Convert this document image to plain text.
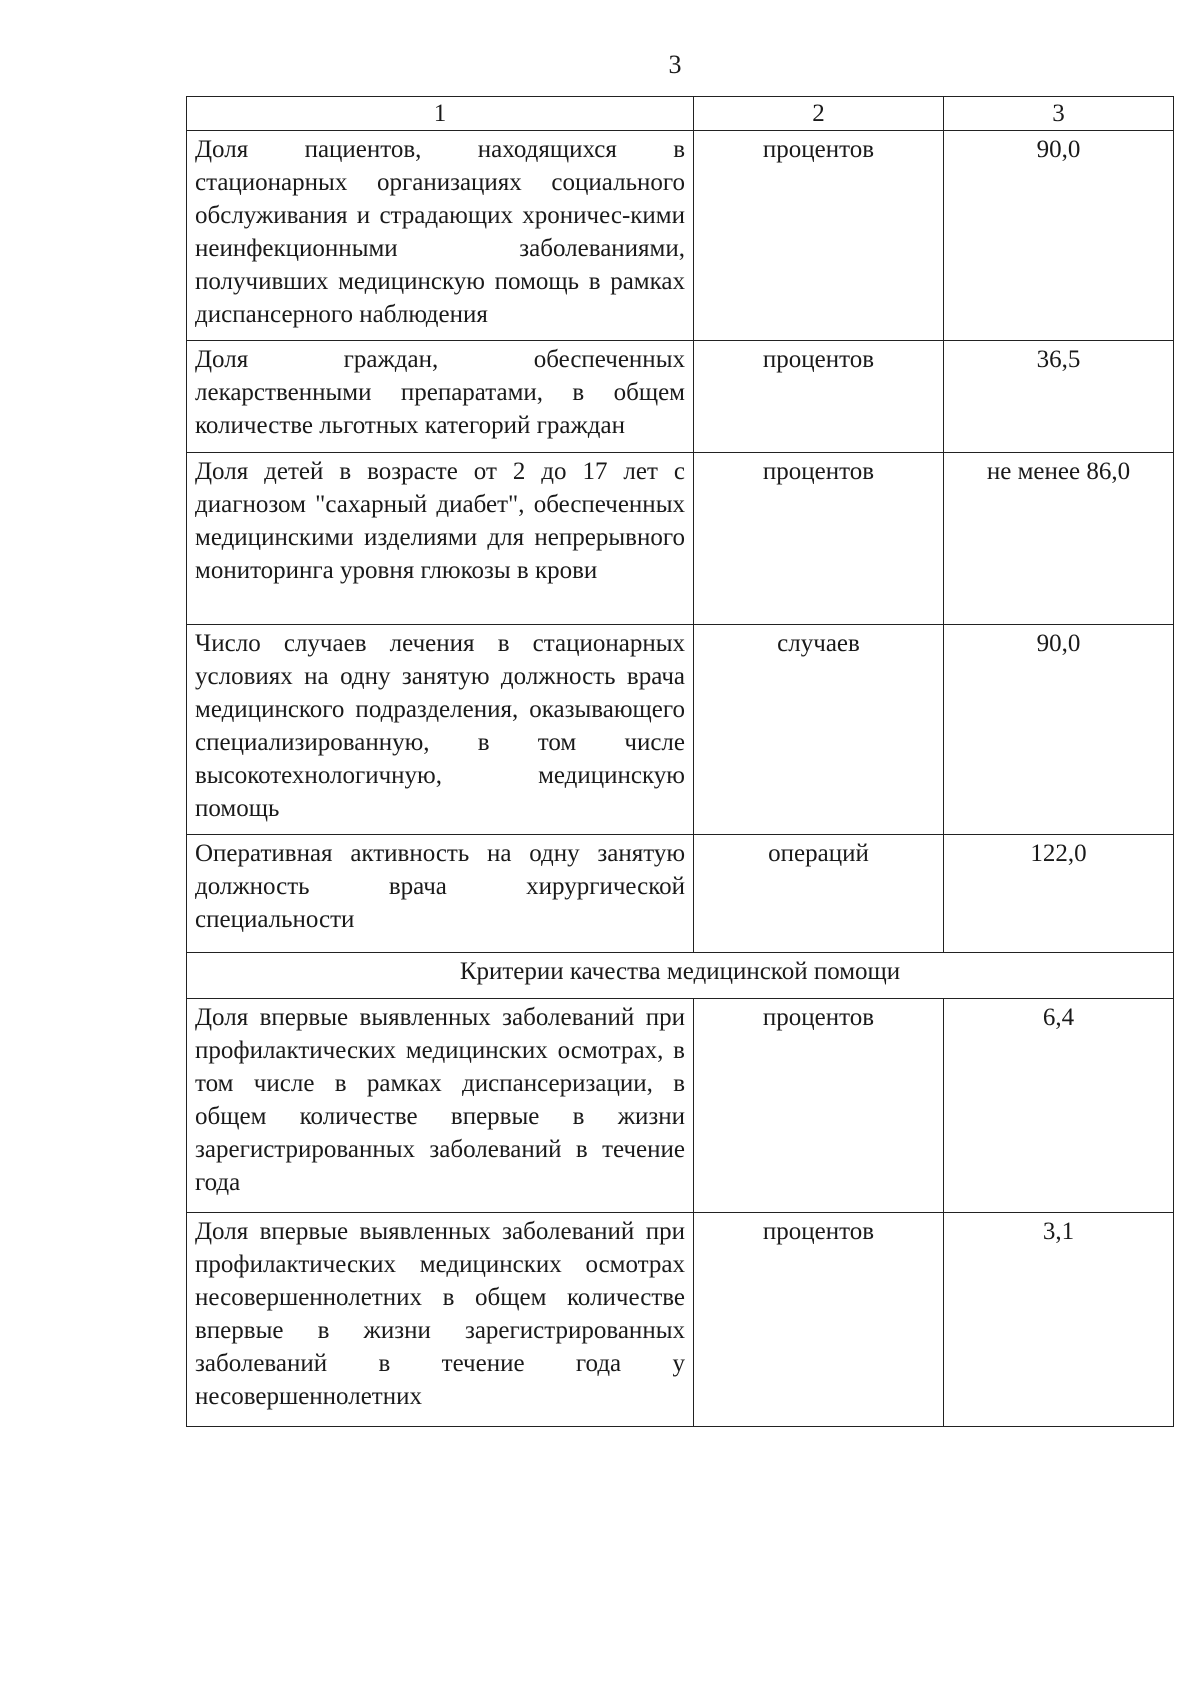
3
1	2	3

Доля пациентов, находящихся в стационарных организациях социального обслуживания и страдающих хроничес-кими неинфекционными заболеваниями, получивших медицинскую помощь в рамках диспансерного наблюдения	процентов	90,0

Доля граждан, обеспеченных лекарственными препаратами, в общем количестве льготных категорий граждан	процентов	36,5

Доля детей в возрасте от 2 до 17 лет с диагнозом "сахарный диабет", обеспеченных медицинскими изделиями для непрерывного мониторинга уровня глюкозы в крови	процентов	не менее 86,0

Число случаев лечения в стационарных условиях на одну занятую должность врача медицинского подразделения, оказывающего специализированную, в том числе высокотехнологичную, медицинскую помощь	случаев	90,0

Оперативная активность на одну занятую должность врача хирургической специальности	операций	122,0
Критерии качества медицинской помощи		

Доля впервые выявленных заболеваний при профилактических медицинских осмотрах, в том числе в рамках диспансеризации, в общем количестве впервые в жизни зарегистрированных заболеваний в течение года	процентов	6,4

Доля впервые выявленных заболеваний при профилактических медицинских осмотрах несовершеннолетних в общем количестве впервые в жизни зарегистрированных заболеваний в течение года у несовершеннолетних	процентов	3,1
